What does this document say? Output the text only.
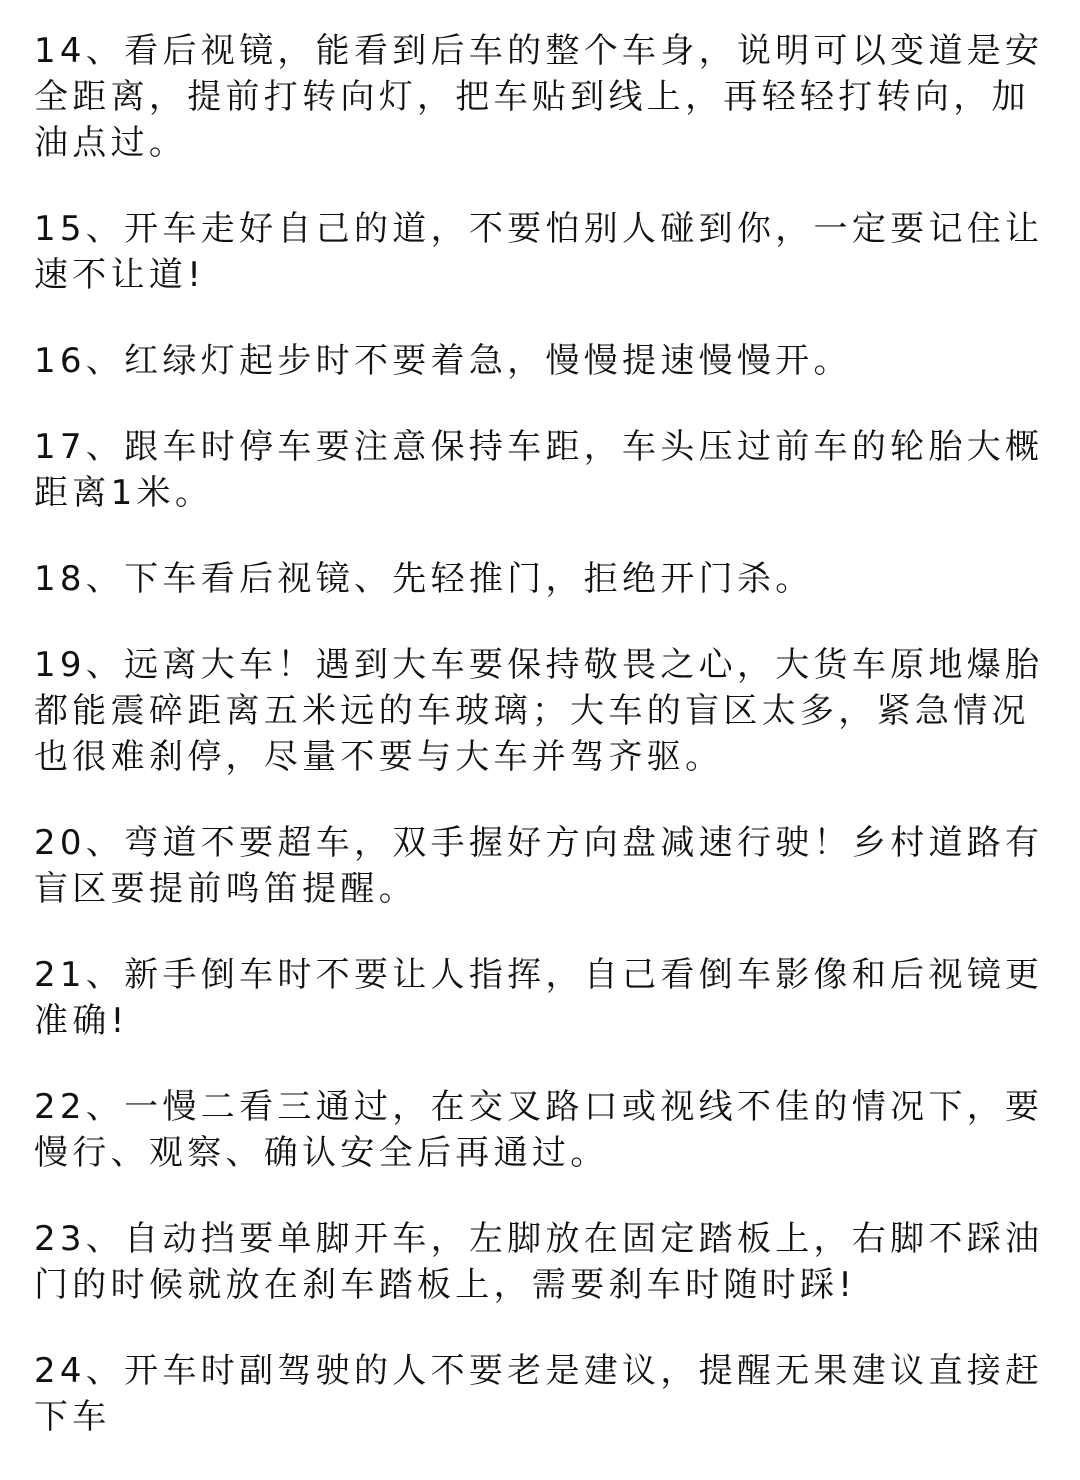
14、看后视镜，能看到后车的整个车身，说明可以变道是安全距离，提前打转向灯，把车贴到线上，再轻轻打转向，加油点过。
15、开车走好自己的道，不要怕别人碰到你，一定要记住让速不让道!
16、红绿灯起步时不要着急，慢慢提速慢慢开。
17、跟车时停车要注意保持车距，车头压过前车的轮胎大概距离1米。
18、下车看后视镜、先轻推门，拒绝开门杀。
19、远离大车！遇到大车要保持敬畏之心，大货车原地爆胎都能震碎距离五米远的车玻璃；大车的盲区太多，紧急情况也很难刹停，尽量不要与大车并驾齐驱。
20、弯道不要超车，双手握好方向盘减速行驶！乡村道路有盲区要提前鸣笛提醒。
21、新手倒车时不要让人指挥，自己看倒车影像和后视镜更准确!
22、一慢二看三通过，在交叉路口或视线不佳的情况下，要慢行、观察、确认安全后再通过。
23、自动挡要单脚开车，左脚放在固定踏板上，右脚不踩油门的时候就放在刹车踏板上，需要刹车时随时踩!
24、开车时副驾驶的人不要老是建议，提醒无果建议直接赶下车
